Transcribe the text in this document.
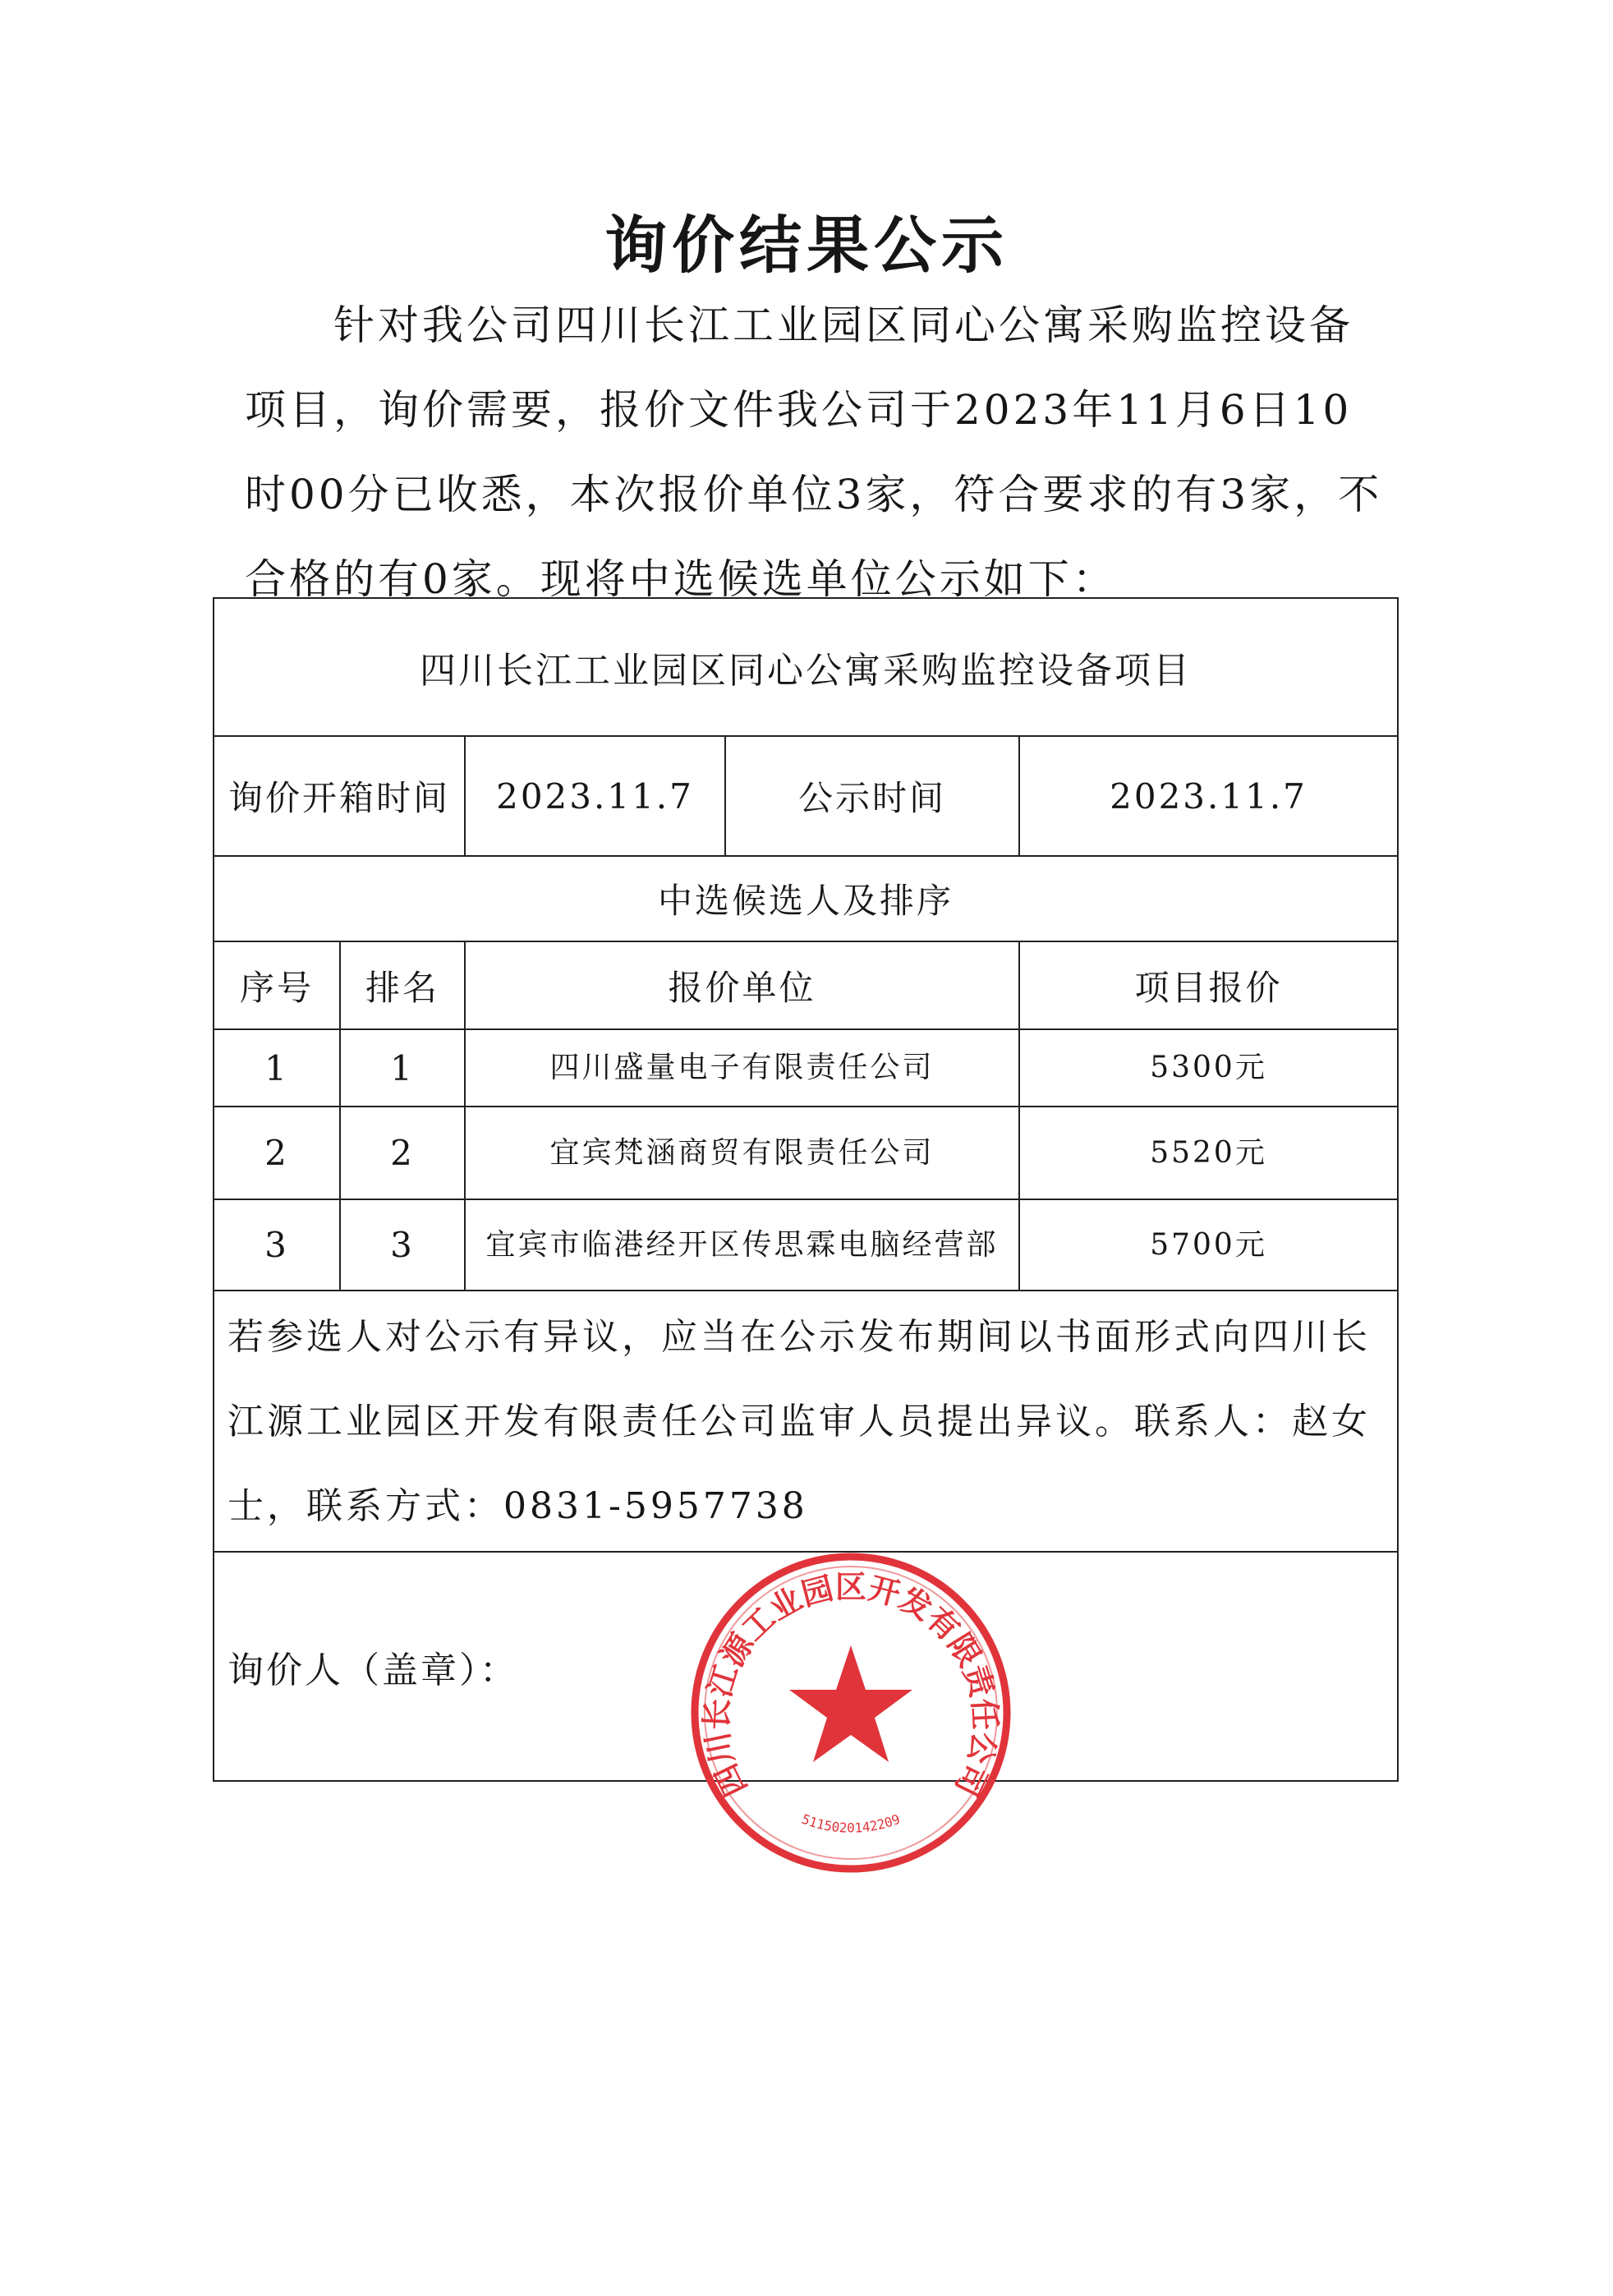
询价结果公示
针对我公司四川长江工业园区同心公寓采购监控设备项目，询价需要，报价文件我公司于2023年11月6日10时00分已收悉，本次报价单位3家，符合要求的有3家，不合格的有0家。现将中选候选单位公示如下：
四川长江工业园区同心公寓采购监控设备项目				
询价开箱时间		2023.11.7	公示时间	2023.11.7
中选候选人及排序				
序号	排名	报价单位		项目报价
1	1	四川盛量电子有限责任公司		5300元
2	2	宜宾梵涵商贸有限责任公司		5520元
3	3	宜宾市临港经开区传思霖电脑经营部		5700元
若参选人对公示有异议，应当在公示发布期间以书面形式向四川长江源工业园区开发有限责任公司监审人员提出异议。联系人：赵女士，联系方式：0831-5957738				
询价人（盖章）：				
四川长江源工业园区开发有限责任公司
5115020142209
